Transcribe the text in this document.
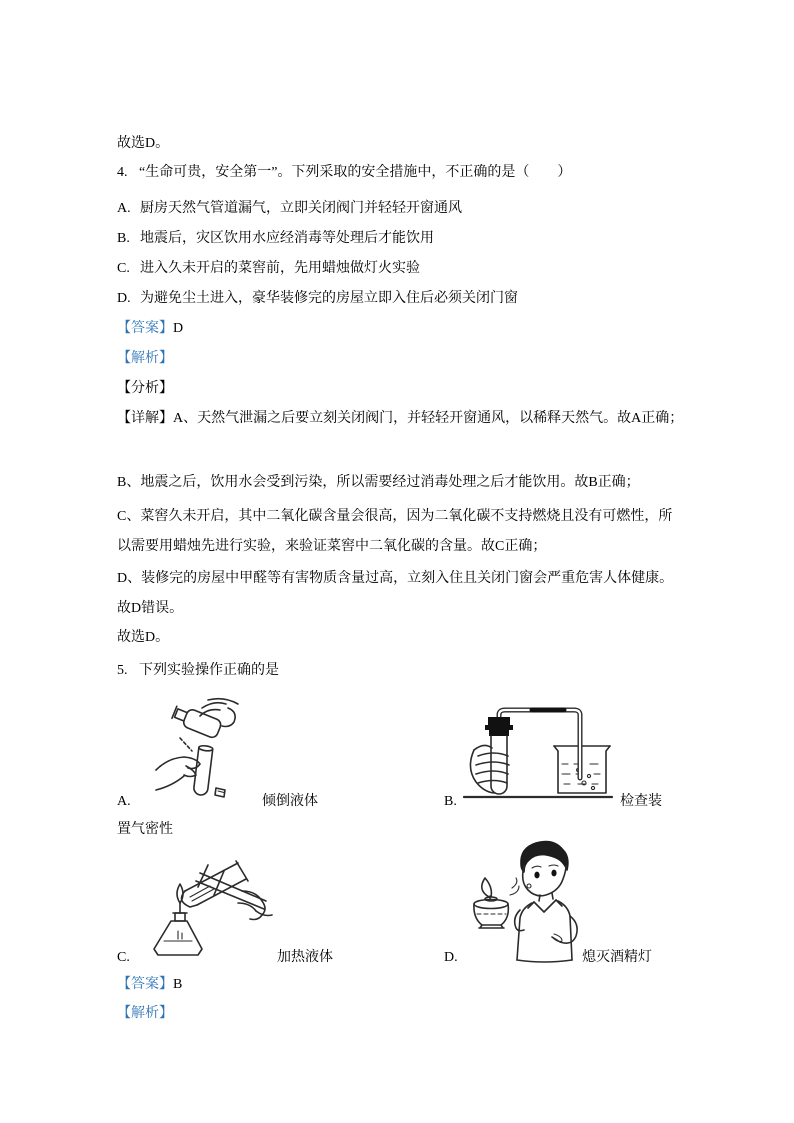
故选D。
4. “生命可贵，安全第一”。下列采取的安全措施中，不正确的是（　　）
A. 厨房天然气管道漏气，立即关闭阀门并轻轻开窗通风
B. 地震后，灾区饮用水应经消毒等处理后才能饮用
C. 进入久未开启的菜窖前，先用蜡烛做灯火实验
D. 为避免尘土进入，豪华装修完的房屋立即入住后必须关闭门窗
【答案】D
【解析】
【分析】
【详解】A、天然气泄漏之后要立刻关闭阀门，并轻轻开窗通风，以稀释天然气。故A正确；
B、地震之后，饮用水会受到污染，所以需要经过消毒处理之后才能饮用。故B正确；
C、菜窖久未开启，其中二氧化碳含量会很高，因为二氧化碳不支持燃烧且没有可燃性，所以需要用蜡烛先进行实验，来验证菜窖中二氧化碳的含量。故C正确；
D、装修完的房屋中甲醛等有害物质含量过高，立刻入住且关闭门窗会严重危害人体健康。故D错误。
故选D。
5. 下列实验操作正确的是
A.	倾倒液体	B.	检查装
置气密性
C.	加热液体	D.	熄灭酒精灯
【答案】B
【解析】
